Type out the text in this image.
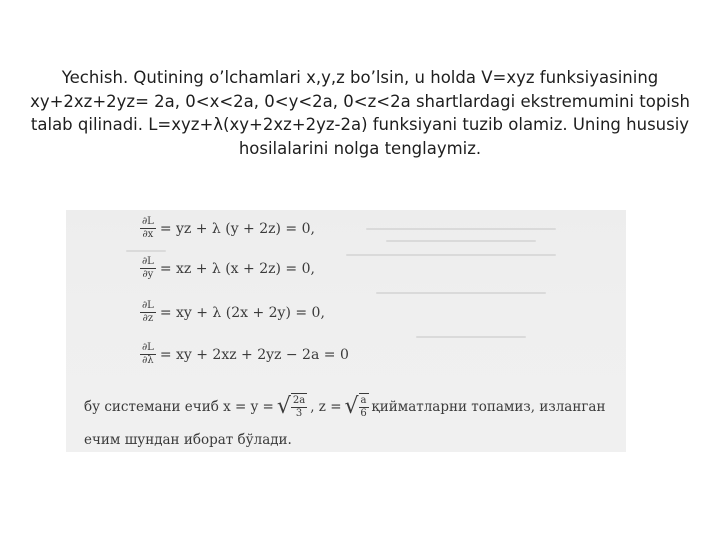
Yechish. Qutining o’lchamlari x,y,z bo’lsin, u holda V=xyz funksiyasining
xy+2xz+2yz= 2a, 0<x<2a, 0<y<2a, 0<z<2a shartlardagi ekstremumini topish
talab qilinadi. L=xyz+λ(xy+2xz+2yz-2a) funksiyani tuzib olamiz. Uning hususiy
hosilalarini nolga tenglaymiz.
$\frac{\partial L}{\partial x}$ = yz + λ (y + 2z) = 0,
$\frac{\partial L}{\partial y}$ = xz + λ (x + 2z) = 0,
$\frac{\partial L}{\partial z}$ = xy + λ (2x + 2y) = 0,
$\frac{\partial L}{\partial\lambda}$ = xy + 2xz + 2yz − 2a = 0
бу системани ечиб x = y = √ $\frac{2a}{3}$ , z = √ $\frac{a}{6}$ қийматларни топамиз, изланган
ечим шундан иборат бўлади.
